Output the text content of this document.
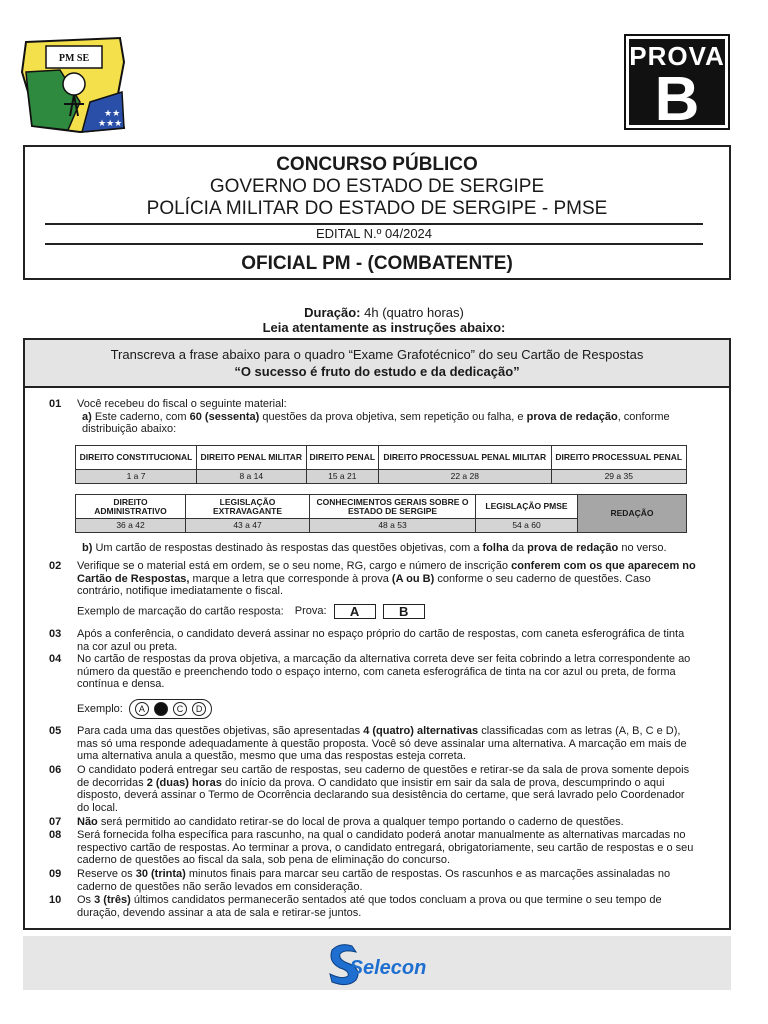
PM SE
★★
★★★
PROVA
B
CONCURSO PÚBLICO
GOVERNO DO ESTADO DE SERGIPE
POLÍCIA MILITAR DO ESTADO DE SERGIPE - PMSE
EDITAL N.º 04/2024
OFICIAL PM - (COMBATENTE)
Duração: 4h (quatro horas)
Leia atentamente as instruções abaixo:
Transcreva a frase abaixo para o quadro “Exame Grafotécnico” do seu Cartão de Respostas
“O sucesso é fruto do estudo e da dedicação”
01	Você recebeu do fiscal o seguinte material:
a) Este caderno, com 60 (sessenta) questões da prova objetiva, sem repetição ou falha, e prova de redação, conforme distribuição abaixo:
DIREITO CONSTITUCIONAL	DIREITO PENAL MILITAR	DIREITO PENAL	DIREITO PROCESSUAL PENAL MILITAR	DIREITO PROCESSUAL PENAL
1 a 7	8 a 14	15 a 21	22 a 28	29 a 35
DIREITO ADMINISTRATIVO	LEGISLAÇÃO EXTRAVAGANTE	CONHECIMENTOS GERAIS SOBRE O ESTADO DE SERGIPE	LEGISLAÇÃO PMSE	REDAÇÃO
36 a 42	43 a 47	48 a 53	54 a 60	
b) Um cartão de respostas destinado às respostas das questões objetivas, com a folha da prova de redação no verso.
02	Verifique se o material está em ordem, se o seu nome, RG, cargo e número de inscrição conferem com os que aparecem no Cartão de Respostas, marque a letra que corresponde à prova (A ou B) conforme o seu caderno de questões. Caso contrário, notifique imediatamente o fiscal.
Exemplo de marcação do cartão resposta: Prova: A	B
03	Após a conferência, o candidato deverá assinar no espaço próprio do cartão de respostas, com caneta esferográfica de tinta na cor azul ou preta.
04	No cartão de respostas da prova objetiva, a marcação da alternativa correta deve ser feita cobrindo a letra correspondente ao número da questão e preenchendo todo o espaço interno, com caneta esferográfica de tinta na cor azul ou preta, de forma contínua e densa.
Exemplo: A	C D
05	Para cada uma das questões objetivas, são apresentadas 4 (quatro) alternativas classificadas com as letras (A, B, C e D), mas só uma responde adequadamente à questão proposta. Você só deve assinalar uma alternativa. A marcação em mais de uma alternativa anula a questão, mesmo que uma das respostas esteja correta.
06	O candidato poderá entregar seu cartão de respostas, seu caderno de questões e retirar-se da sala de prova somente depois de decorridas 2 (duas) horas do início da prova. O candidato que insistir em sair da sala de prova, descumprindo o aqui disposto, deverá assinar o Termo de Ocorrência declarando sua desistência do certame, que será lavrado pelo Coordenador do local.
07	Não será permitido ao candidato retirar-se do local de prova a qualquer tempo portando o caderno de questões.
08	Será fornecida folha específica para rascunho, na qual o candidato poderá anotar manualmente as alternativas marcadas no respectivo cartão de respostas. Ao terminar a prova, o candidato entregará, obrigatoriamente, seu cartão de respostas e o seu caderno de questões ao fiscal da sala, sob pena de eliminação do concurso.
09	Reserve os 30 (trinta) minutos finais para marcar seu cartão de respostas. Os rascunhos e as marcações assinaladas no caderno de questões não serão levados em consideração.
10	Os 3 (três) últimos candidatos permanecerão sentados até que todos concluam a prova ou que termine o seu tempo de duração, devendo assinar a ata de sala e retirar-se juntos.
Selecon
